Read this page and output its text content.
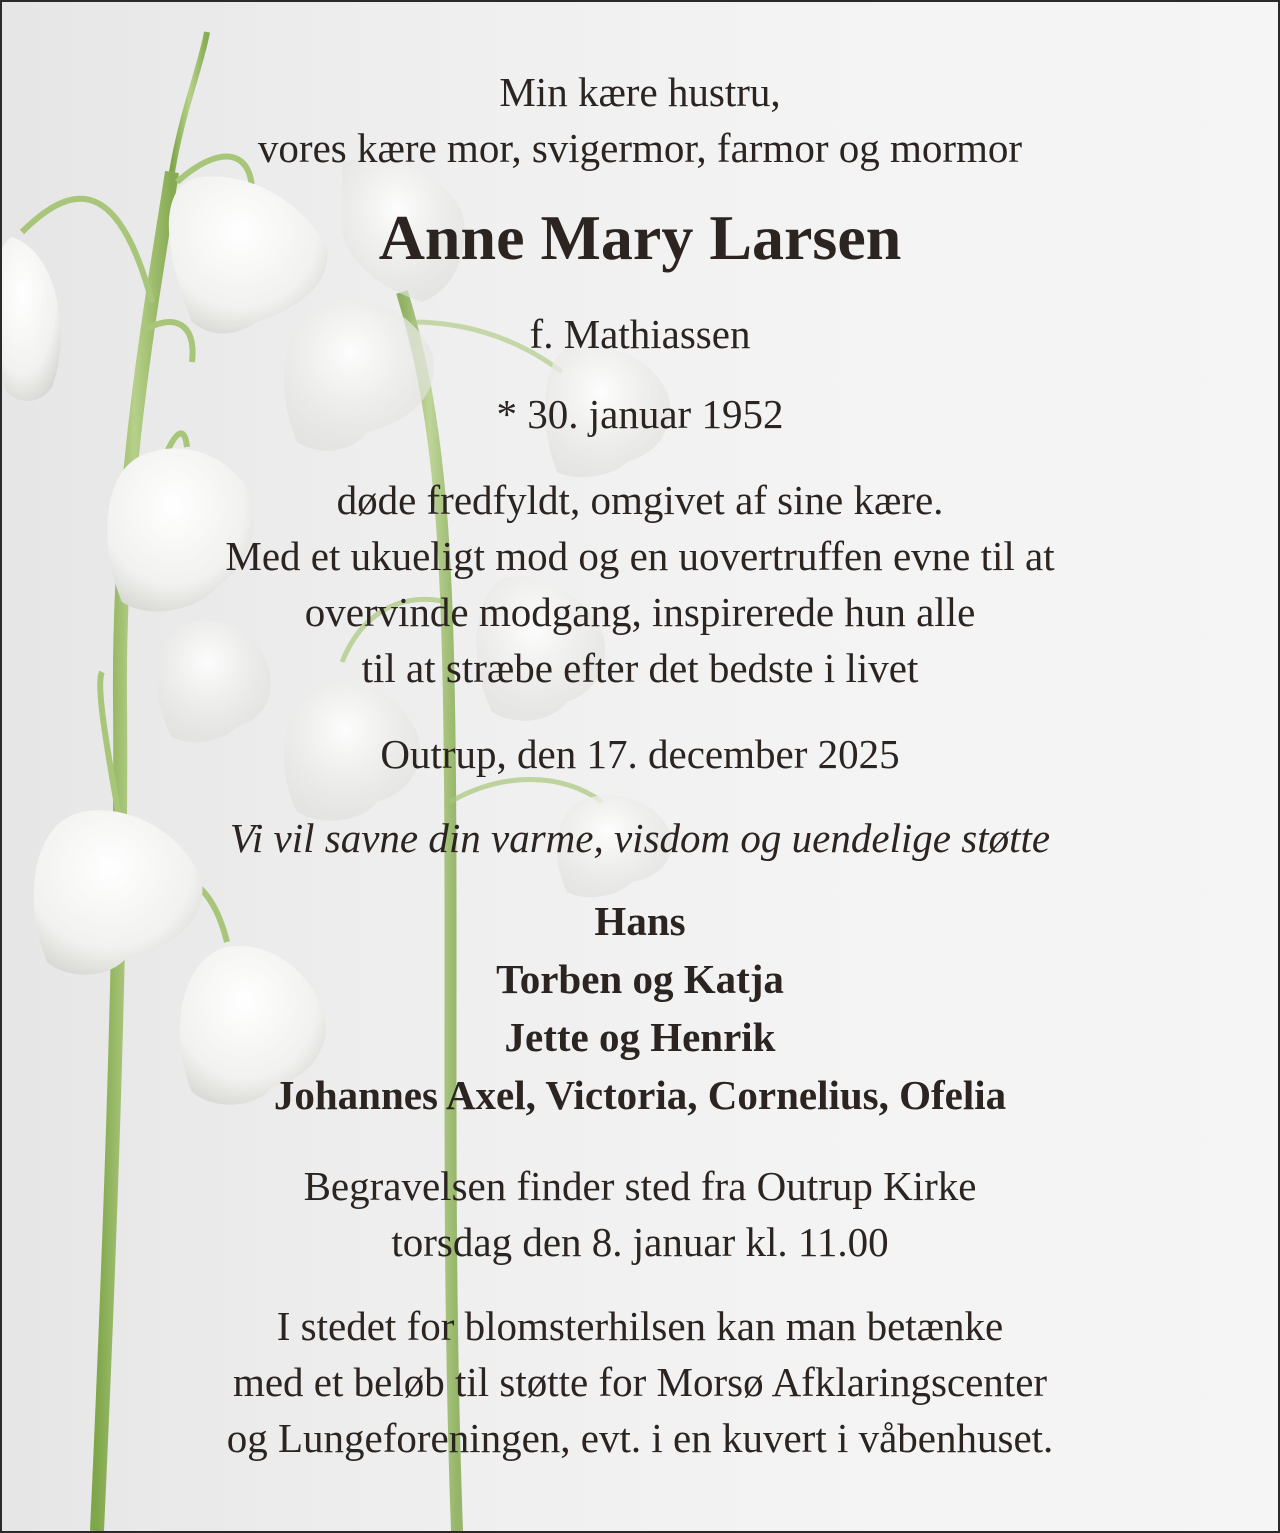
Min kære hustru,
vores kære mor, svigermor, farmor og mormor

Anne Mary Larsen

f. Mathiassen

* 30. januar 1952

døde fredfyldt, omgivet af sine kære.
Med et ukueligt mod og en uovertruffen evne til at
overvinde modgang, inspirerede hun alle
til at stræbe efter det bedste i livet

Outrup, den 17. december 2025

Vi vil savne din varme, visdom og uendelige støtte

Hans
Torben og Katja
Jette og Henrik
Johannes Axel, Victoria, Cornelius, Ofelia

Begravelsen finder sted fra Outrup Kirke
torsdag den 8. januar kl. 11.00

I stedet for blomsterhilsen kan man betænke
med et beløb til støtte for Morsø Afklaringscenter
og Lungeforeningen, evt. i en kuvert i våbenhuset.
